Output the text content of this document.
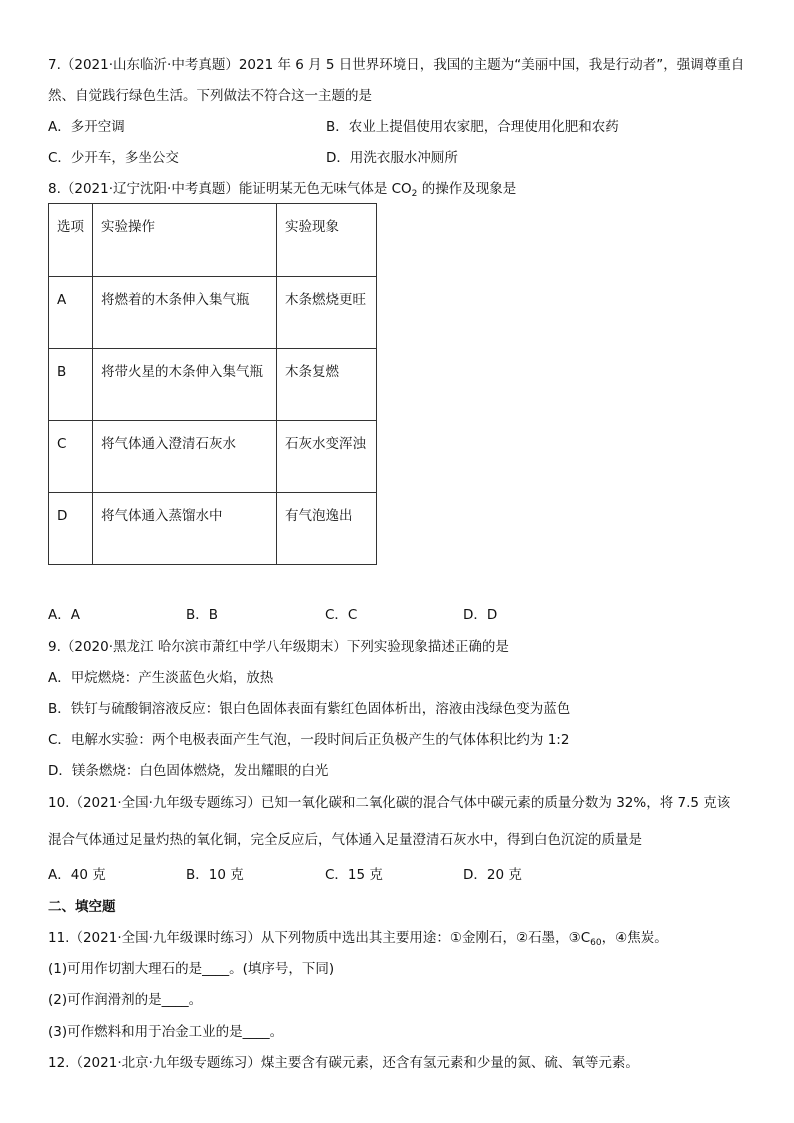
7.（2021·山东临沂·中考真题）2021 年 6 月 5 日世界环境日，我国的主题为“美丽中国，我是行动者”，强调尊重自
然、自觉践行绿色生活。下列做法不符合这一主题的是
A．多开空调	B．农业上提倡使用农家肥，合理使用化肥和农药
C．少开车，多坐公交	D．用洗衣服水冲厕所
8.（2021·辽宁沈阳·中考真题）能证明某无色无味气体是 $CO_2$ 的操作及现象是
选项	实验操作	实验现象
A	将燃着的木条伸入集气瓶	木条燃烧更旺
B	将带火星的木条伸入集气瓶	木条复燃
C	将气体通入澄清石灰水	石灰水变浑浊
D	将气体通入蒸馏水中	有气泡逸出
A．A	B．B	C．C	D．D
9.（2020·黑龙江 哈尔滨市萧红中学八年级期末）下列实验现象描述正确的是
A．甲烷燃烧：产生淡蓝色火焰，放热
B．铁钉与硫酸铜溶液反应：银白色固体表面有紫红色固体析出，溶液由浅绿色变为蓝色
C．电解水实验：两个电极表面产生气泡，一段时间后正负极产生的气体体积比约为 1:2
D．镁条燃烧：白色固体燃烧，发出耀眼的白光
10.（2021·全国·九年级专题练习）已知一氧化碳和二氧化碳的混合气体中碳元素的质量分数为 32%，将 7.5 克该
混合气体通过足量灼热的氧化铜，完全反应后，气体通入足量澄清石灰水中，得到白色沉淀的质量是
A．40 克	B．10 克	C．15 克	D．20 克
二、填空题
11.（2021·全国·九年级课时练习）从下列物质中选出其主要用途：①金刚石，②石墨，$③C_{60}$，④焦炭。
(1)可用作切割大理石的是____。(填序号，下同)
(2)可作润滑剂的是____。
(3)可作燃料和用于冶金工业的是____。
12.（2021·北京·九年级专题练习）煤主要含有碳元素，还含有氢元素和少量的氮、硫、氧等元素。
